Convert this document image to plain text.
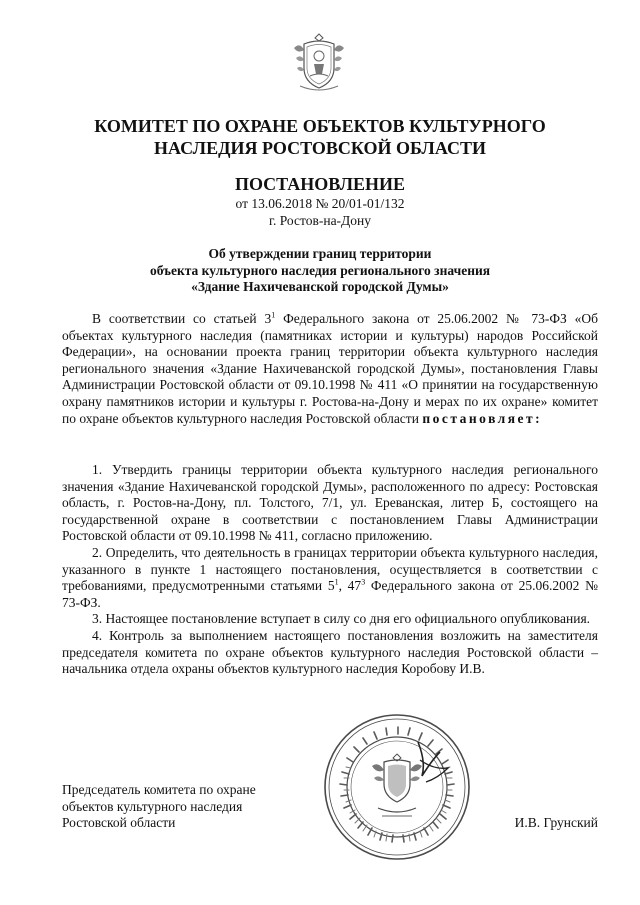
КОМИТЕТ ПО ОХРАНЕ ОБЪЕКТОВ КУЛЬТУРНОГО
НАСЛЕДИЯ РОСТОВСКОЙ ОБЛАСТИ
ПОСТАНОВЛЕНИЕ
от 13.06.2018 № 20/01-01/132
г. Ростов-на-Дону
Об утверждении границ территории
объекта культурного наследия регионального значения
«Здание Нахичеванской городской Думы»

В соответствии со статьей $3^1$ Федерального закона от 25.06.2002 № 73-ФЗ «Об объектах культурного наследия (памятниках истории и культуры) народов Российской Федерации», на основании проекта границ территории объекта культурного наследия регионального значения «Здание Нахичеванской городской Думы», постановления Главы Администрации Ростовской области от 09.10.1998 № 411 «О принятии на государственную охрану памятников истории и культуры г. Ростова-на-Дону и мерах по их охране» комитет по охране объектов культурного наследия Ростовской области постановляет:

1. Утвердить границы территории объекта культурного наследия регионального значения «Здание Нахичеванской городской Думы», расположенного по адресу: Ростовская область, г. Ростов-на-Дону, пл. Толстого, 7/1, ул. Ереванская, литер Б, состоящего на государственной охране в соответствии с постановлением Главы Администрации Ростовской области от 09.10.1998 № 411, согласно приложению.

2. Определить, что деятельность в границах территории объекта культурного наследия, указанного в пункте 1 настоящего постановления, осуществляется в соответствии с требованиями, предусмотренными статьями $5^1$, $47^3$ Федерального закона от 25.06.2002 № 73-ФЗ.

3. Настоящее постановление вступает в силу со дня его официального опубликования.

4. Контроль за выполнением настоящего постановления возложить на заместителя председателя комитета по охране объектов культурного наследия Ростовской области – начальника отдела охраны объектов культурного наследия Коробову И.В.

Председатель комитета по охране
объектов культурного наследия
Ростовской области	И.В. Грунский
